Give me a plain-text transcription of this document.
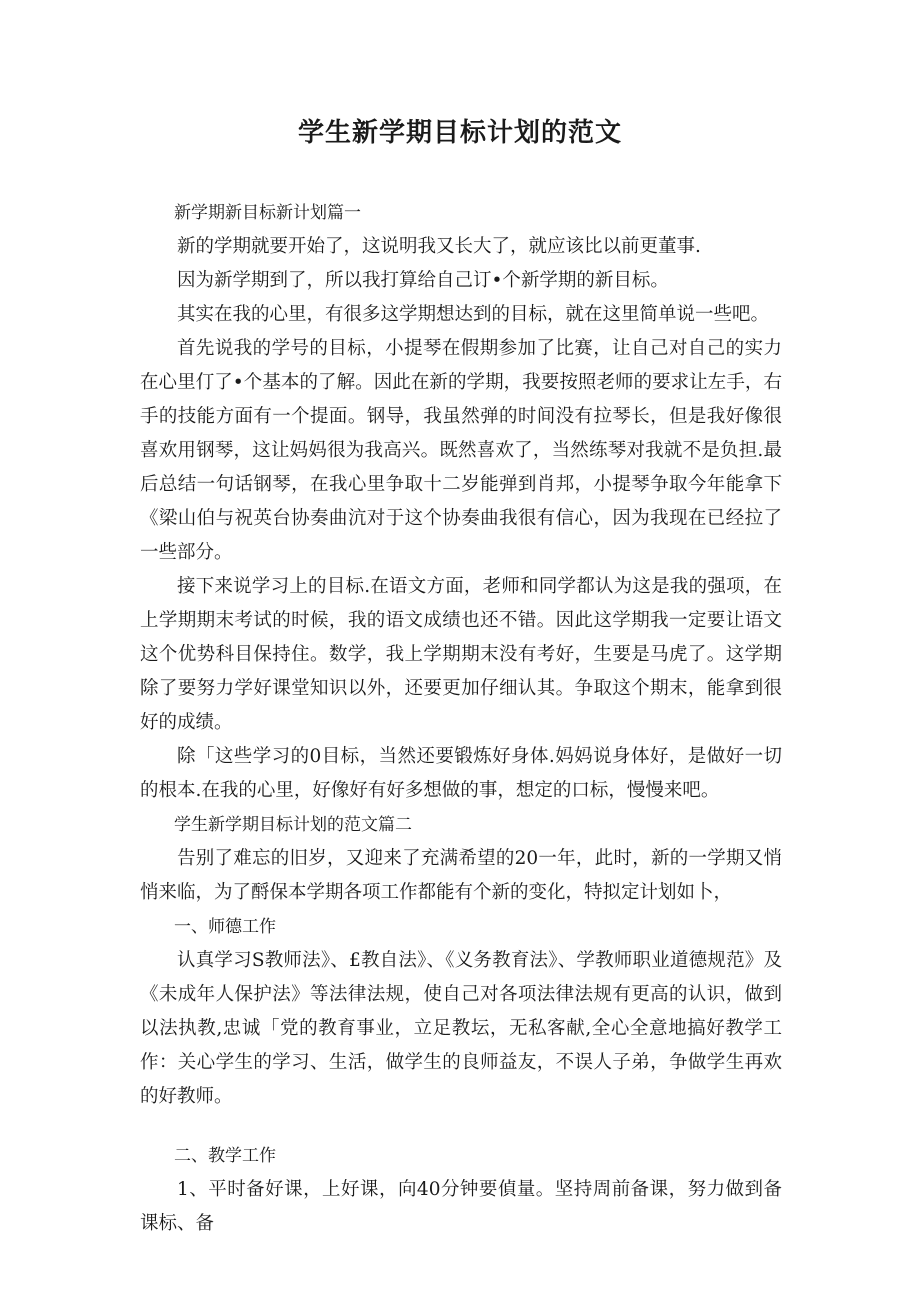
学生新学期目标计划的范文

新学期新目标新计划篇一

新的学期就要开始了，这说明我又长大了，就应该比以前更董事.

因为新学期到了，所以我打算给自己订•个新学期的新目标。

其实在我的心里，有很多这学期想达到的目标，就在这里简单说一些吧。

首先说我的学号的目标，小提琴在假期参加了比赛，让自己对自己的实力在心里仃了•个基本的了解。因此在新的学期，我要按照老师的要求让左手，右手的技能方面有一个提面。钢导，我虽然弹的时间没有拉琴长，但是我好像很喜欢用钢琴，这让妈妈很为我高兴。既然喜欢了，当然练琴对我就不是负担.最后总结一句话钢琴，在我心里争取十二岁能弹到肖邦，小提琴争取今年能拿下《梁山伯与祝英台协奏曲沆对于这个协奏曲我很有信心，因为我现在已经拉了一些部分。

接下来说学习上的目标.在语文方面，老师和同学都认为这是我的强项，在上学期期末考试的时候，我的语文成绩也还不错。因此这学期我一定要让语文这个优势科目保持住。数学，我上学期期末没有考好，生要是马虎了。这学期除了要努力学好课堂知识以外，还要更加仔细认其。争取这个期末，能拿到很好的成绩。

除「这些学习的0目标，当然还要锻炼好身体.妈妈说身体好，是做好一切的根本.在我的心里，好像好有好多想做的事，想定的口标，慢慢来吧。

学生新学期目标计划的范文篇二

告别了难忘的旧岁，又迎来了充满希望的20一年，此时，新的一学期又悄悄来临，为了酹保本学期各项工作都能有个新的变化，特拟定计划如卜，

一、师德工作

认真学习S教师法》、£教自法》、《义务教育法》、学教师职业道德规范》及《未成年人保护法》等法律法规，使自己对各项法律法规有更高的认识，做到以法执教,忠诚「党的教育事业，立足教坛，无私客献,全心全意地搞好教学工作：关心学生的学习、生活，做学生的良师益友，不误人子弟，争做学生再欢的好教师。

二、教学工作

1、平时备好课，上好课，向40分钟要偵量。坚持周前备课，努力做到备课标、备
